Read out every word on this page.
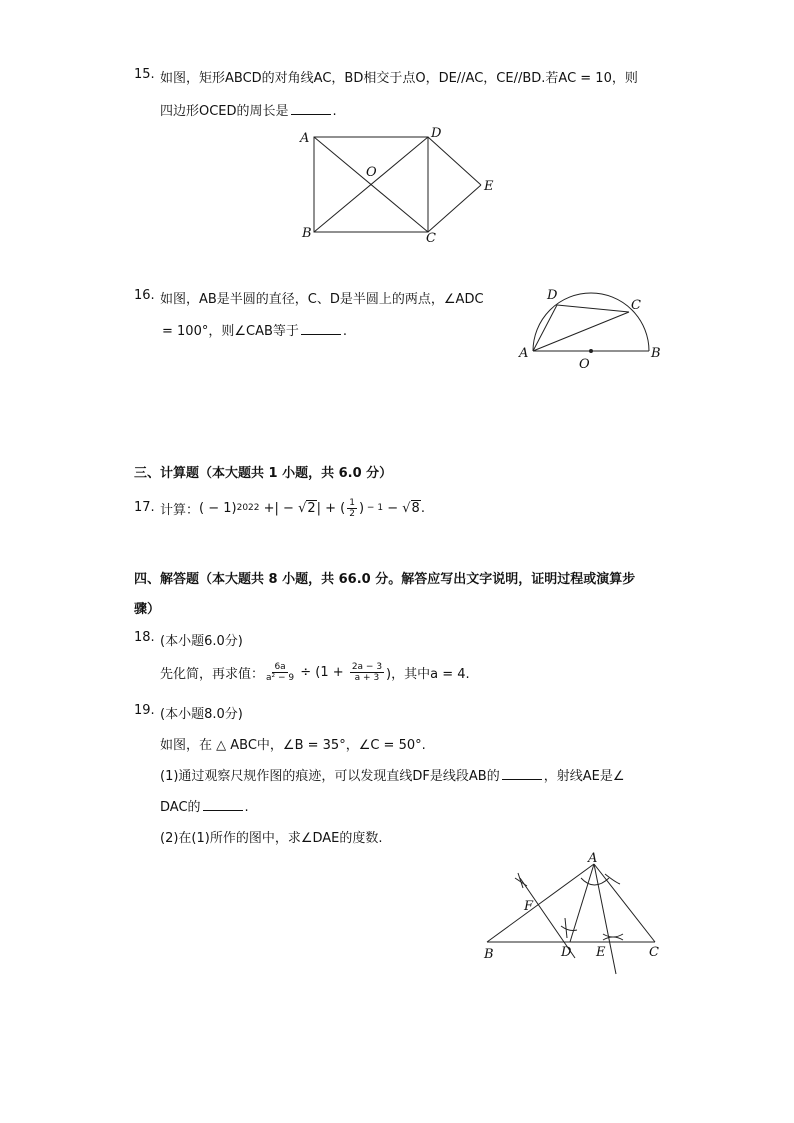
15. 如图，矩形ABCD的对角线AC，BD相交于点O，DE//AC，CE//BD.若AC = 10，则
四边形OCED的周长是	.
A	D
O
E
B	C
16. 如图，AB是半圆的直径，C、D是半圆上的两点，∠ADC
= 100°，则∠CAB等于	.
A
D
C
B
O
三、计算题（本大题共 1 小题，共 6.0 分）
17. 计算： ( − 1) 2022 +| − √ 2 | + ( $\frac{1}{2}$ ) − 1 − √ 8 .
四、解答题（本大题共 8 小题，共 66.0 分。解答应写出文字说明，证明过程或演算步
骤）
18. (本小题6.0分)
先化简，再求值： $\frac{6a}{\text{a² − 9}} \div (1 + \frac{2a - 3}{a + 3}$ )，其中a = 4.
19. (本小题8.0分)
如图，在 △ ABC中，∠B = 35°，∠C = 50°.
(1)通过观察尺规作图的痕迹，可以发现直线DF是线段AB的	，射线AE是∠
DAC的	.
(2)在(1)所作的图中，求∠DAE的度数.
A
F
B	D E	C
